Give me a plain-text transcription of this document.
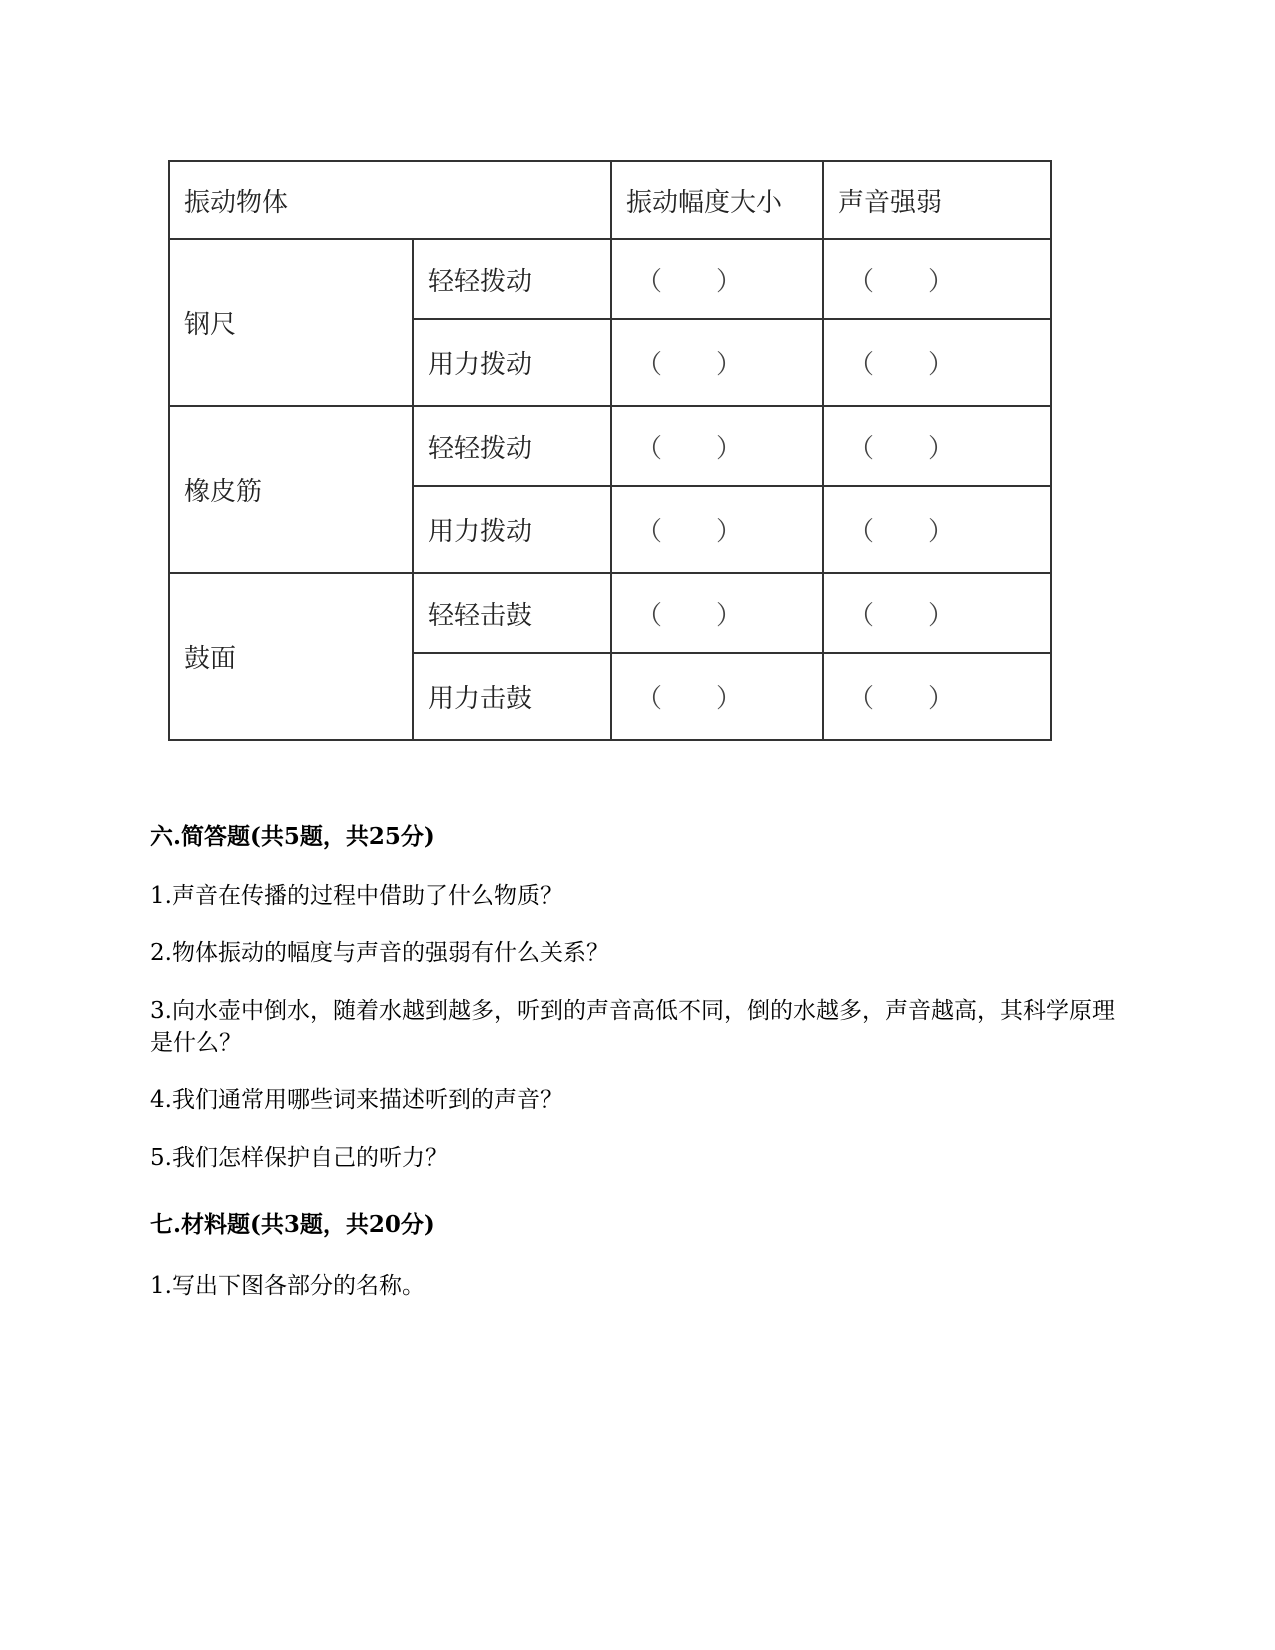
振动物体		振动幅度大小	声音强弱
钢尺	轻轻拨动	（ ）	（ ）

	用力拨动	（ ）	（ ）

橡皮筋	轻轻拨动	（ ）	（ ）

	用力拨动	（ ）	（ ）

鼓面	轻轻击鼓	（ ）	（ ）

	用力击鼓	（ ）	（ ）
六.简答题(共5题，共25分)
1.声音在传播的过程中借助了什么物质？
2.物体振动的幅度与声音的强弱有什么关系？
3.向水壶中倒水，随着水越到越多，听到的声音高低不同，倒的水越多，声音越高，其科学原理是什么？
4.我们通常用哪些词来描述听到的声音？
5.我们怎样保护自己的听力？
七.材料题(共3题，共20分)
1.写出下图各部分的名称。
